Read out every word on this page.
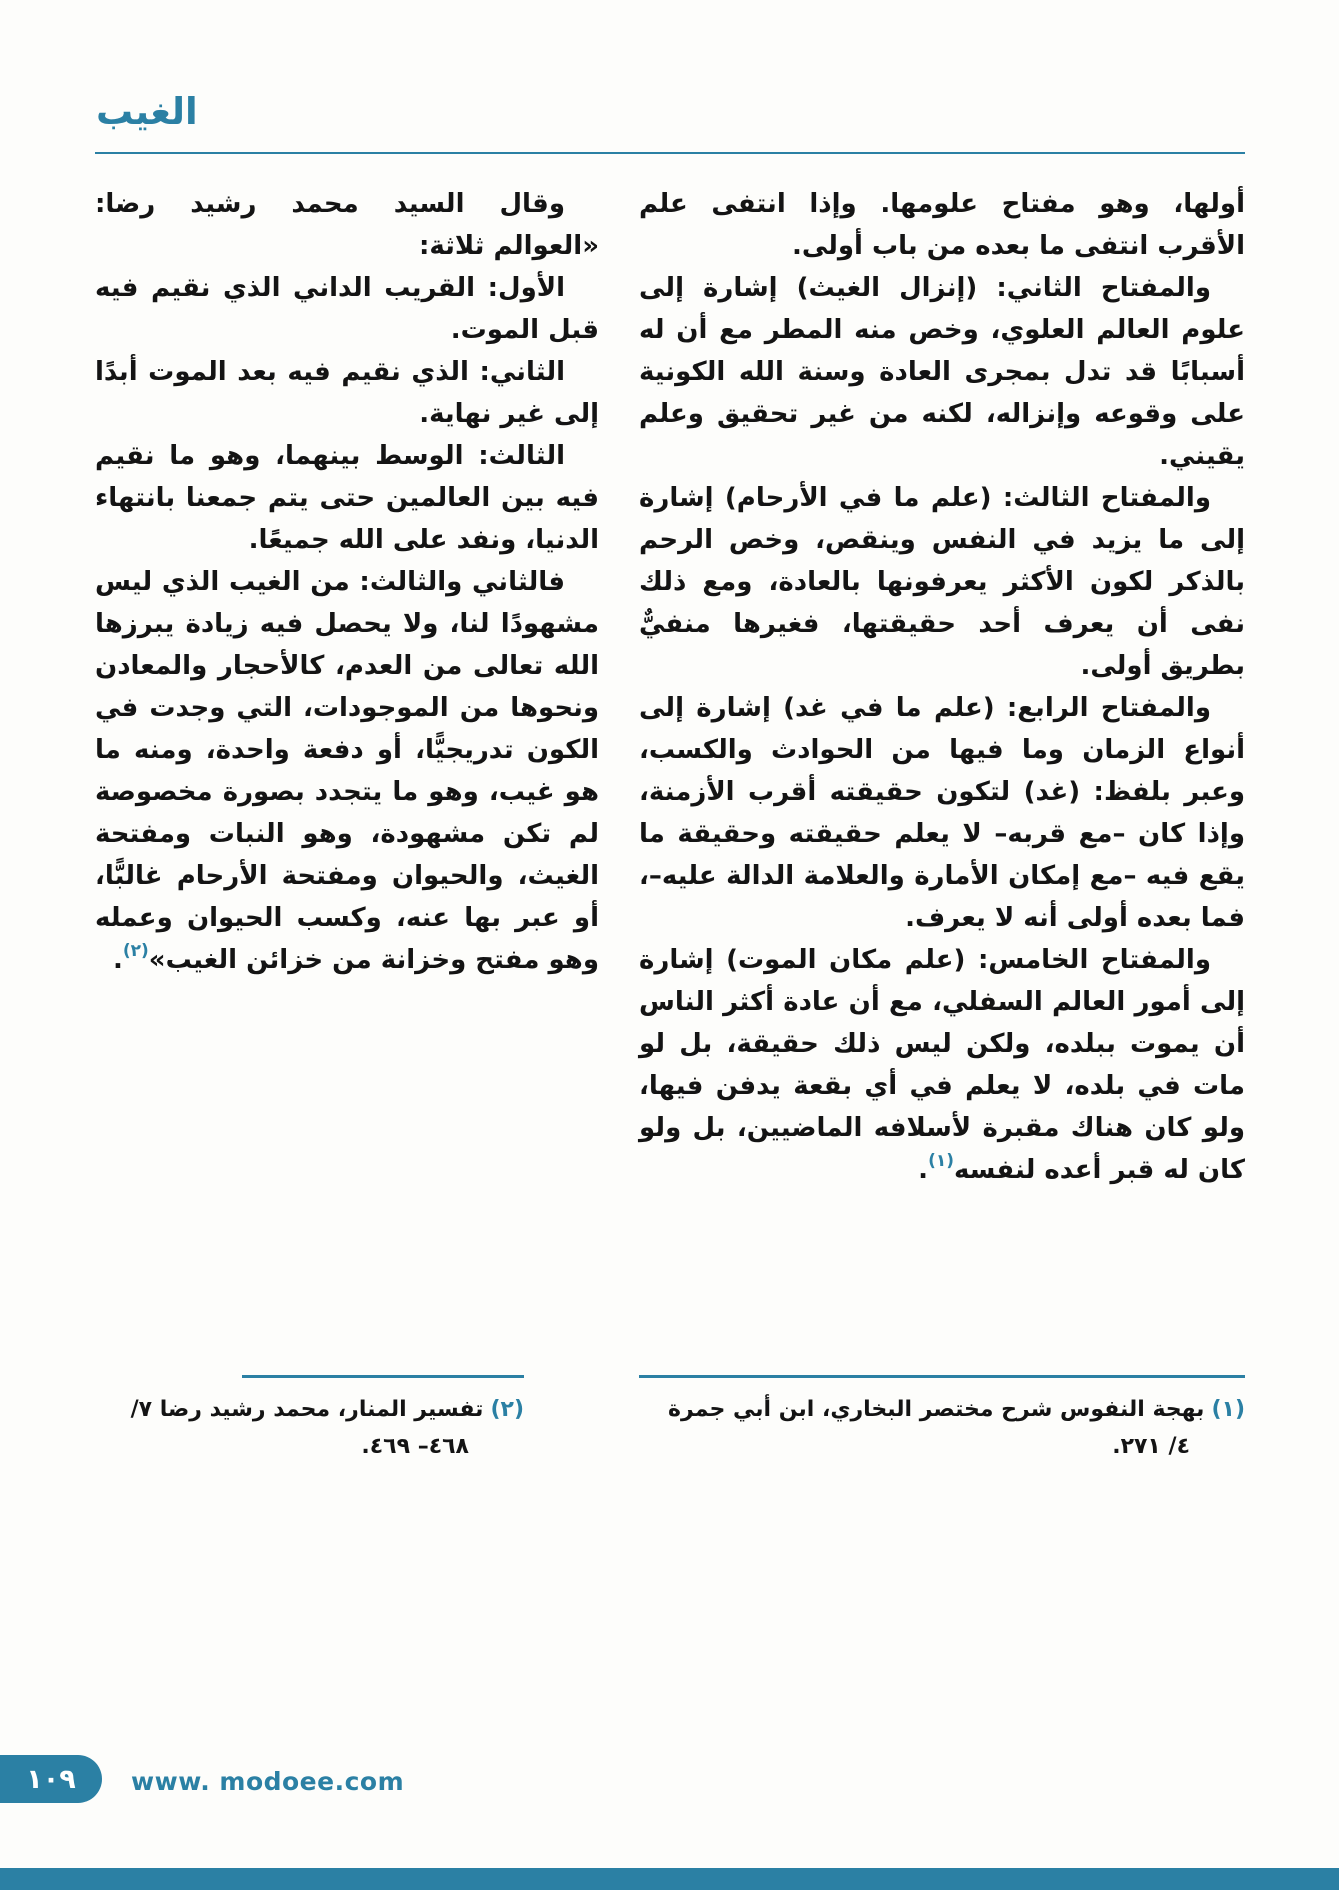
الغيب

أولها، وهو مفتاح علومها. وإذا انتفى علم الأقرب انتفى ما بعده من باب أولى.

والمفتاح الثاني: (إنزال الغيث) إشارة إلى علوم العالم العلوي، وخص منه المطر مع أن له أسبابًا قد تدل بمجرى العادة وسنة الله الكونية على وقوعه وإنزاله، لكنه من غير تحقيق وعلم يقيني.

والمفتاح الثالث: (علم ما في الأرحام) إشارة إلى ما يزيد في النفس وينقص، وخص الرحم بالذكر لكون الأكثر يعرفونها بالعادة، ومع ذلك نفى أن يعرف أحد حقيقتها، فغيرها منفيٌّ بطريق أولى.

والمفتاح الرابع: (علم ما في غد) إشارة إلى أنواع الزمان وما فيها من الحوادث والكسب، وعبر بلفظ: (غد) لتكون حقيقته أقرب الأزمنة، وإذا كان –مع قربه– لا يعلم حقيقته وحقيقة ما يقع فيه –مع إمكان الأمارة والعلامة الدالة عليه–، فما بعده أولى أنه لا يعرف.

والمفتاح الخامس: (علم مكان الموت) إشارة إلى أمور العالم السفلي، مع أن عادة أكثر الناس أن يموت ببلده، ولكن ليس ذلك حقيقة، بل لو مات في بلده، لا يعلم في أي بقعة يدفن فيها، ولو كان هناك مقبرة لأسلافه الماضيين، بل ولو كان له قبر أعده لنفسه$^{(١)}$.

(١)بهجة النفوس شرح مختصر البخاري، ابن أبي جمرة ٤/ ٢٧١.

وقال السيد محمد رشيد رضا: «العوالم ثلاثة:

الأول: القريب الداني الذي نقيم فيه قبل الموت.

الثاني: الذي نقيم فيه بعد الموت أبدًا إلى غير نهاية.

الثالث: الوسط بينهما، وهو ما نقيم فيه بين العالمين حتى يتم جمعنا بانتهاء الدنيا، ونفد على الله جميعًا.

فالثاني والثالث: من الغيب الذي ليس مشهودًا لنا، ولا يحصل فيه زيادة يبرزها الله تعالى من العدم، كالأحجار والمعادن ونحوها من الموجودات، التي وجدت في الكون تدريجيًّا، أو دفعة واحدة، ومنه ما هو غيب، وهو ما يتجدد بصورة مخصوصة لم تكن مشهودة، وهو النبات ومفتحة الغيث، والحيوان ومفتحة الأرحام غالبًّا، أو عبر بها عنه، وكسب الحيوان وعمله وهو مفتح وخزانة من خزائن الغيب»$^{(٢)}$.

(٢)تفسير المنار، محمد رشيد رضا ٧/ ٤٦٨– ٤٦٩.

١٠٩ www. modoee.com
